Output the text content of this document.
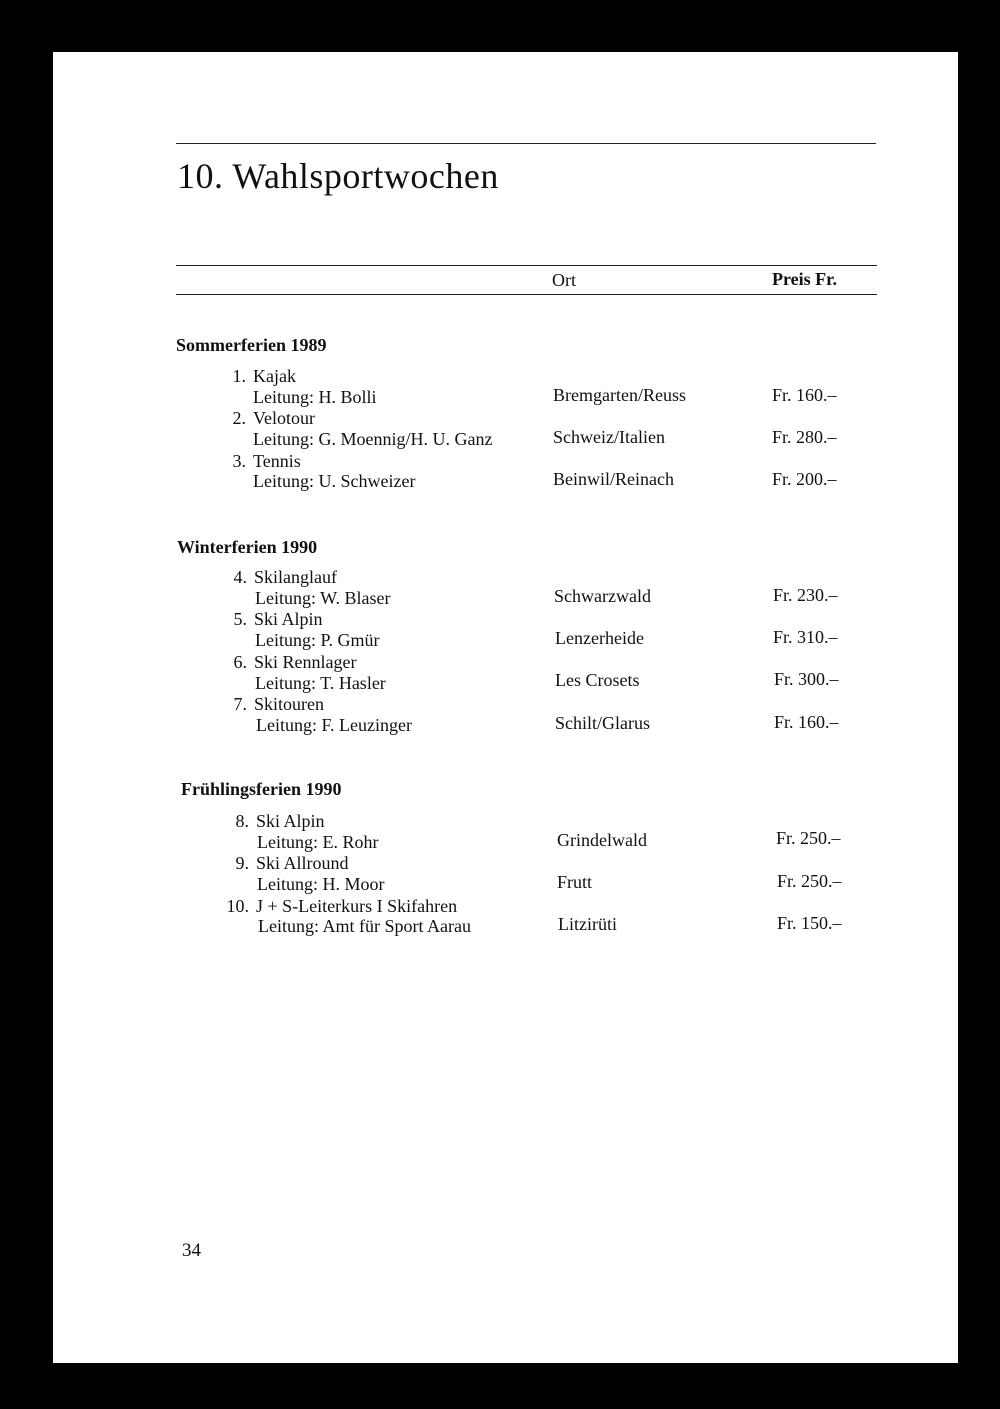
10. Wahlsportwochen
Ort	Preis Fr.
Sommerferien 1989
1. Kajak
Leitung: H. Bolli	Bremgarten/Reuss	Fr. 160.–
2. Velotour
Leitung: G. Moennig/H. U. Ganz	Schweiz/Italien	Fr. 280.–
3. Tennis
Leitung: U. Schweizer	Beinwil/Reinach	Fr. 200.–
Winterferien 1990
4. Skilanglauf
Leitung: W. Blaser	Schwarzwald	Fr. 230.–
5. Ski Alpin
Leitung: P. Gmür	Lenzerheide	Fr. 310.–
6. Ski Rennlager
Leitung: T. Hasler	Les Crosets	Fr. 300.–
7. Skitouren
Leitung: F. Leuzinger	Schilt/Glarus	Fr. 160.–
Frühlingsferien 1990
8. Ski Alpin
Leitung: E. Rohr	Grindelwald	Fr. 250.–
9. Ski Allround
Leitung: H. Moor	Frutt	Fr. 250.–
10. J + S-Leiterkurs I Skifahren
Leitung: Amt für Sport Aarau	Litzirüti	Fr. 150.–
34
